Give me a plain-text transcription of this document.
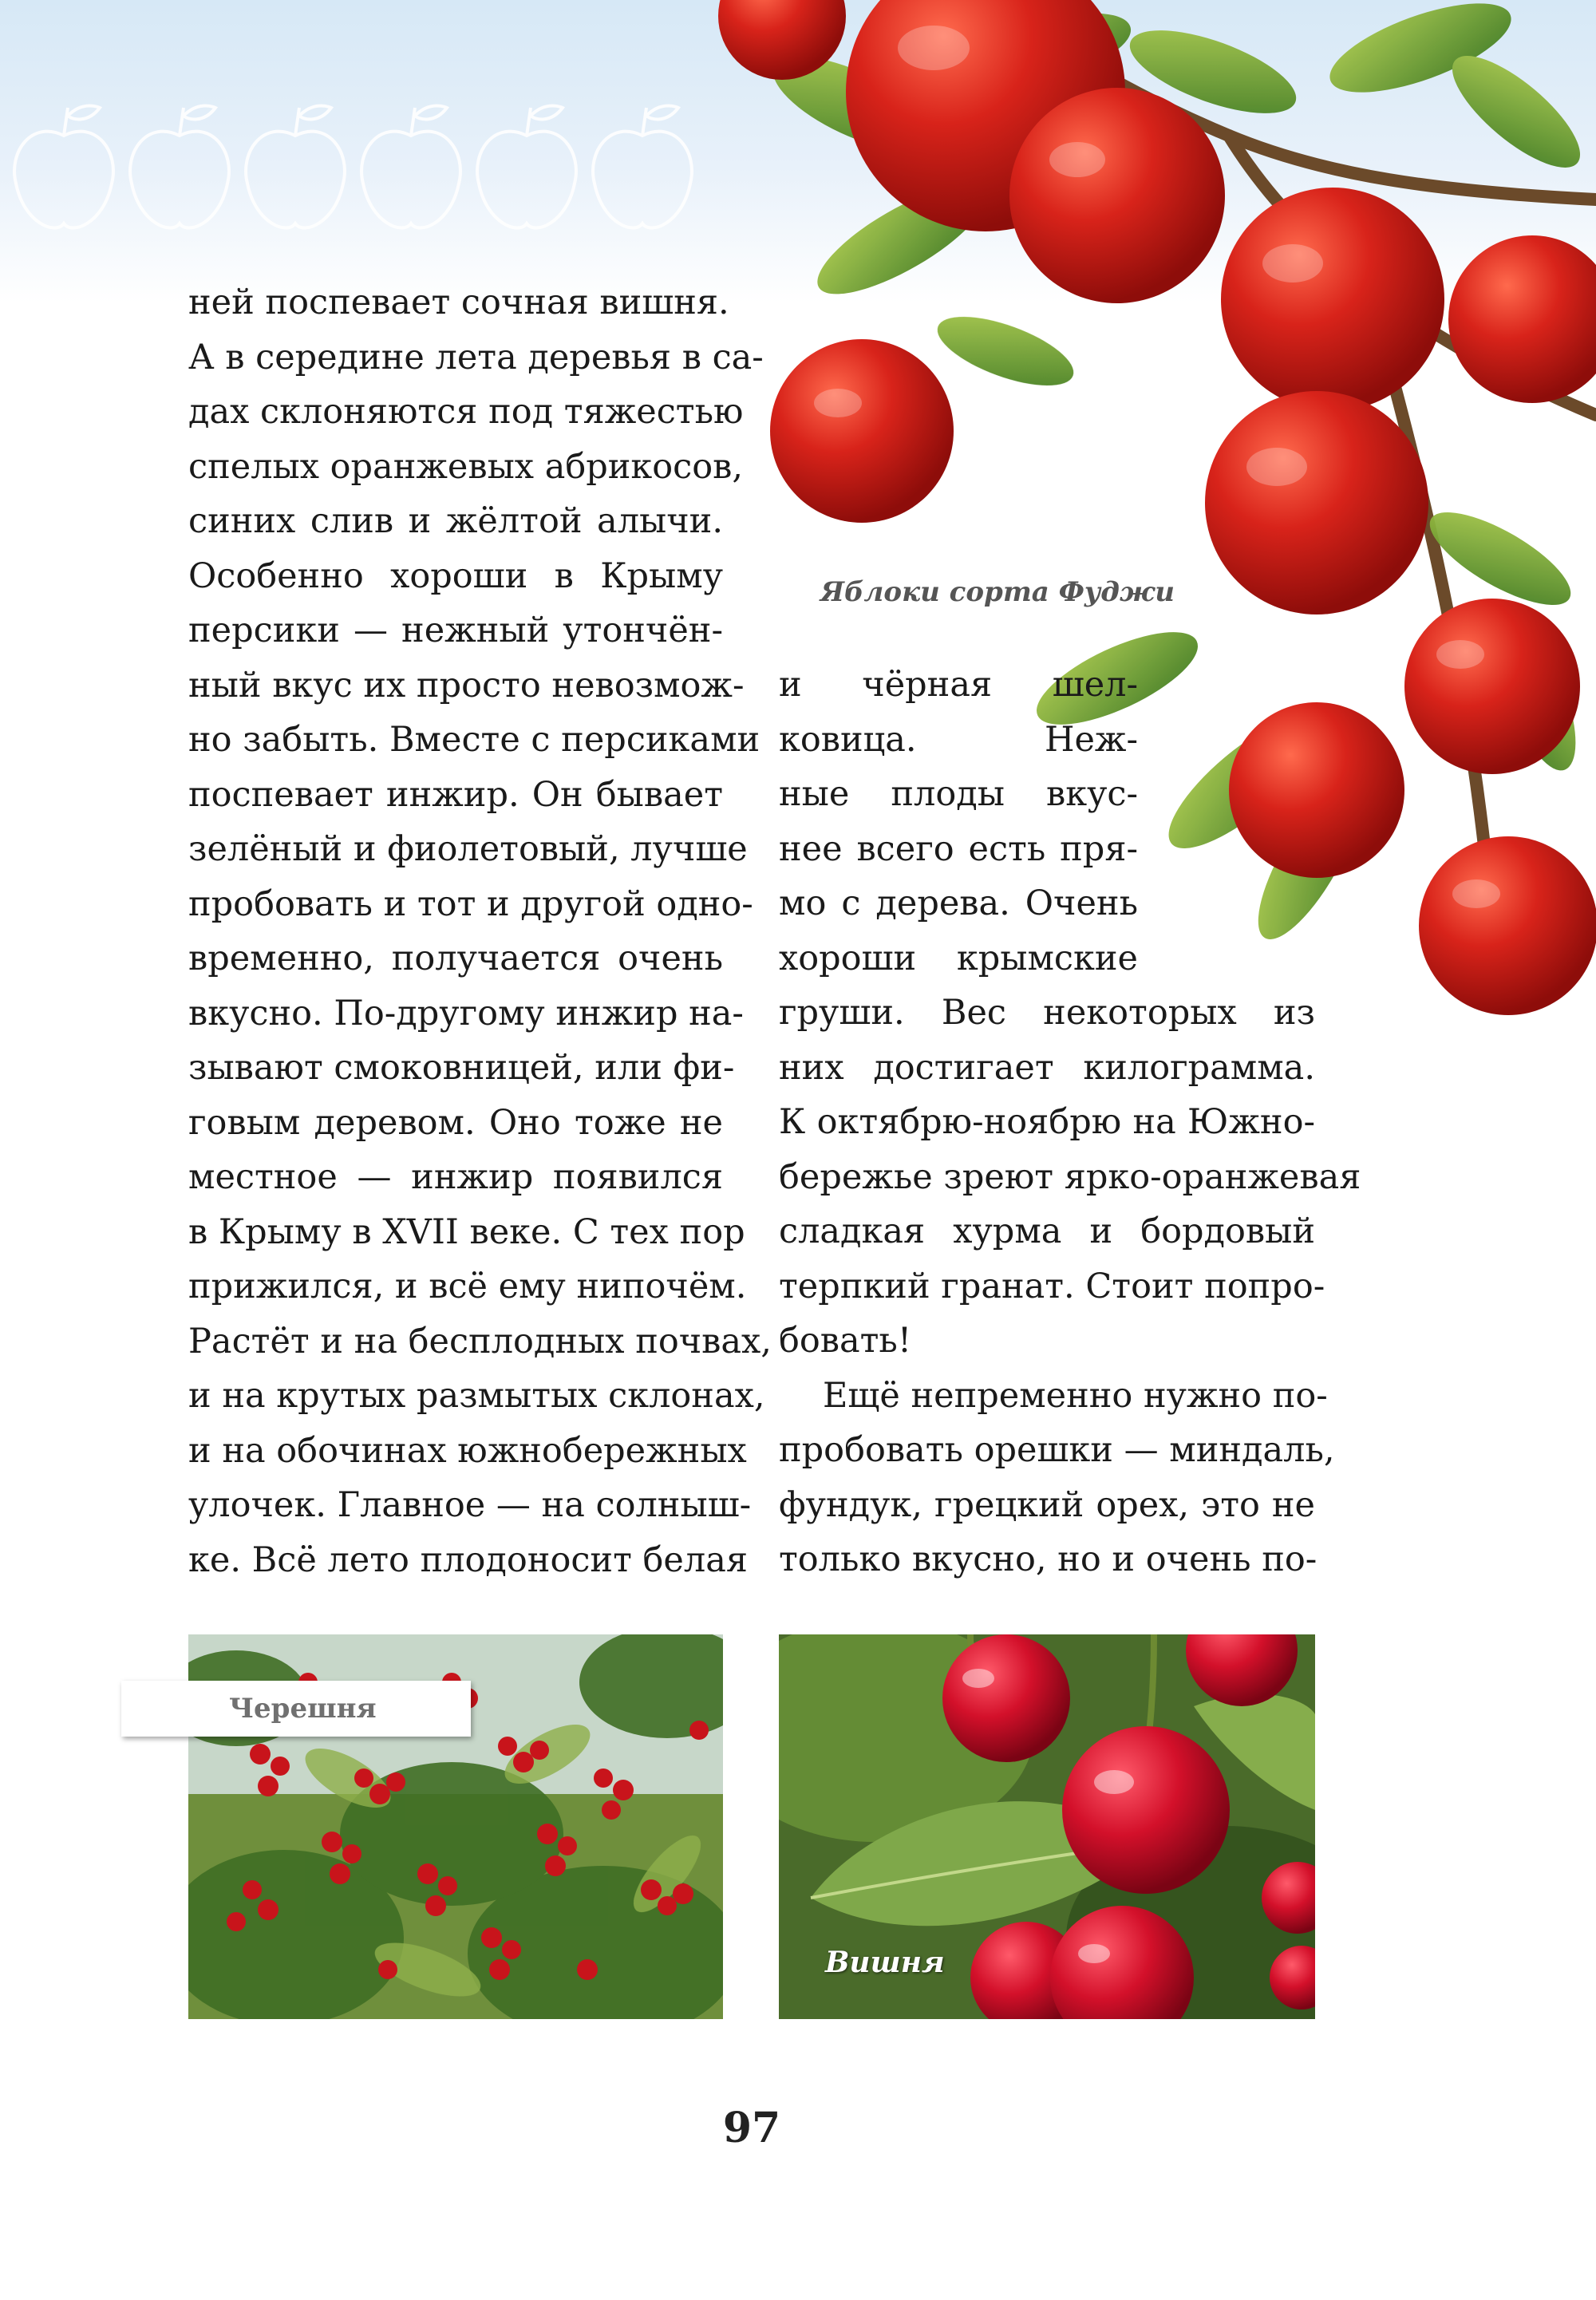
Яблоки сорта Фуджи
ней поспевает сочная вишня.
А в середине лета деревья в са-
дах склоняются под тяжестью
спелых оранжевых абрикосов,
синих слив и жёлтой алычи.
Особенно хороши в Крыму
персики — нежный утончён-
ный вкус их просто невозмож-
но забыть. Вместе с персиками
поспевает инжир. Он бывает
зелёный и фиолетовый, лучше
пробовать и тот и другой одно-
временно, получается очень
вкусно. По-другому инжир на-
зывают смоковницей, или фи-
говым деревом. Оно тоже не
местное — инжир появился
в Крыму в XVII веке. С тех пор
прижился, и всё ему нипочём.
Растёт и на бесплодных почвах,
и на крутых размытых склонах,
и на обочинах южнобережных
улочек. Главное — на солныш-
ке. Всё лето плодоносит белая
и чёрная шел-
ковица. Неж-
ные плоды вкус-
нее всего есть пря-
мо с дерева. Очень
хороши крымские
груши. Вес некоторых из
них достигает килограмма.
К октябрю-ноябрю на Южно-
бережье зреют ярко-оранжевая
сладкая хурма и бордовый
терпкий гранат. Стоит попро-
бовать!
Ещё непременно нужно по-
пробовать орешки — миндаль,
фундук, грецкий орех, это не
только вкусно, но и очень по-
Черешня
Вишня
97
